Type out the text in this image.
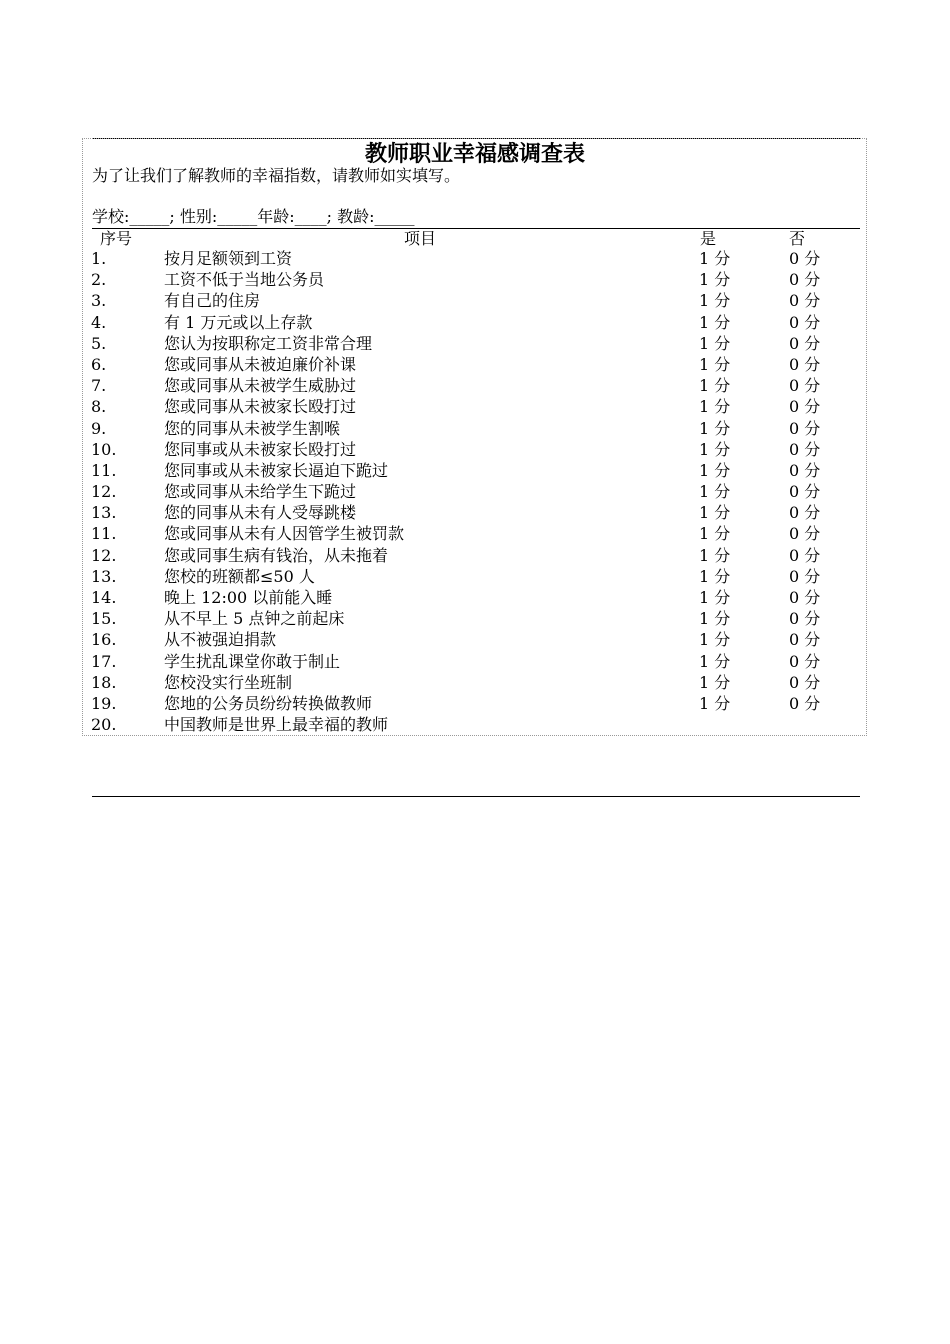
教师职业幸福感调查表
为了让我们了解教师的幸福指数，请教师如实填写。
学校:_____; 性别:_____年龄:____; 教龄:_____
序号	项目	是	否
1.	按月足额领到工资	1 分	0 分
2.	工资不低于当地公务员	1 分	0 分
3.	有自己的住房	1 分	0 分
4.	有 1 万元或以上存款	1 分	0 分
5.	您认为按职称定工资非常合理	1 分	0 分
6.	您或同事从未被迫廉价补课	1 分	0 分
7.	您或同事从未被学生威胁过	1 分	0 分
8.	您或同事从未被家长殴打过	1 分	0 分
9.	您的同事从未被学生割喉	1 分	0 分
10.	您同事或从未被家长殴打过	1 分	0 分
11.	您同事或从未被家长逼迫下跪过	1 分	0 分
12.	您或同事从未给学生下跪过	1 分	0 分
13.	您的同事从未有人受辱跳楼	1 分	0 分
11.	您或同事从未有人因管学生被罚款	1 分	0 分
12.	您或同事生病有钱治，从未拖着	1 分	0 分
13.	您校的班额都≤50 人	1 分	0 分
14.	晚上 12:00 以前能入睡	1 分	0 分
15.	从不早上 5 点钟之前起床	1 分	0 分
16.	从不被强迫捐款	1 分	0 分
17.	学生扰乱课堂你敢于制止	1 分	0 分
18.	您校没实行坐班制	1 分	0 分
19.	您地的公务员纷纷转换做教师	1 分	0 分
20.	中国教师是世界上最幸福的教师
